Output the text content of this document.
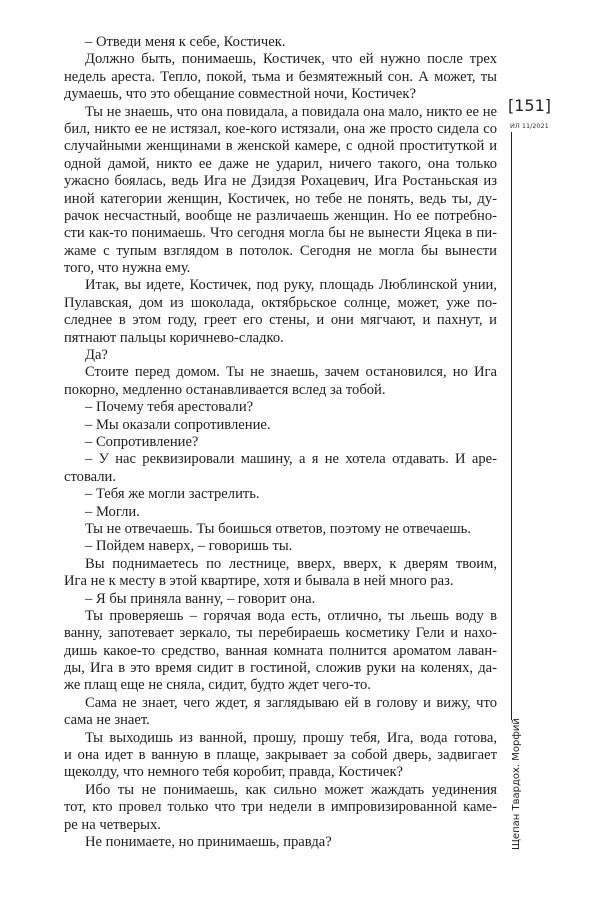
– Отведи меня к себе, Костичек.
Должно быть, понимаешь, Костичек, что ей нужно после трех
недель ареста. Тепло, покой, тьма и безмятежный сон. А может, ты
думаешь, что это обещание совместной ночи, Костичек?
Ты не знаешь, что она повидала, а повидала она мало, никто ее не
бил, никто ее не истязал, кое-кого истязали, она же просто сидела со
случайными женщинами в женской камере, с одной проституткой и
одной дамой, никто ее даже не ударил, ничего такого, она только
ужасно боялась, ведь Ига не Дзидзя Рохацевич, Ига Ростаньская из
иной категории женщин, Костичек, но тебе не понять, ведь ты, ду-
рачок несчастный, вообще не различаешь женщин. Но ее потребно-
сти как-то понимаешь. Что сегодня могла бы не вынести Яцека в пи-
жаме с тупым взглядом в потолок. Сегодня не могла бы вынести
того, что нужна ему.
Итак, вы идете, Костичек, под руку, площадь Люблинской унии,
Пулавская, дом из шоколада, октябрьское солнце, может, уже по-
следнее в этом году, греет его стены, и они мягчают, и пахнут, и
пятнают пальцы коричнево-сладко.
Да?
Стоите перед домом. Ты не знаешь, зачем остановился, но Ига
покорно, медленно останавливается вслед за тобой.
– Почему тебя арестовали?
– Мы оказали сопротивление.
– Сопротивление?
– У нас реквизировали машину, а я не хотела отдавать. И аре-
стовали.
– Тебя же могли застрелить.
– Могли.
Ты не отвечаешь. Ты боишься ответов, поэтому не отвечаешь.
– Пойдем наверх, – говоришь ты.
Вы поднимаетесь по лестнице, вверх, вверх, к дверям твоим,
Ига не к месту в этой квартире, хотя и бывала в ней много раз.
– Я бы приняла ванну, – говорит она.
Ты проверяешь – горячая вода есть, отлично, ты льешь воду в
ванну, запотевает зеркало, ты перебираешь косметику Гели и нахо-
дишь какое-то средство, ванная комната полнится ароматом лаван-
ды, Ига в это время сидит в гостиной, сложив руки на коленях, да-
же плащ еще не сняла, сидит, будто ждет чего-то.
Сама не знает, чего ждет, я заглядываю ей в голову и вижу, что
сама не знает.
Ты выходишь из ванной, прошу, прошу тебя, Ига, вода готова,
и она идет в ванную в плаще, закрывает за собой дверь, задвигает
щеколду, что немного тебя коробит, правда, Костичек?
Ибо ты не понимаешь, как сильно может жаждать уединения
тот, кто провел только что три недели в импровизированной каме-
ре на четверых.
Не понимаете, но принимаешь, правда?
[151]
ИЛ 11/2021
Щепан Твардох. Морфий
